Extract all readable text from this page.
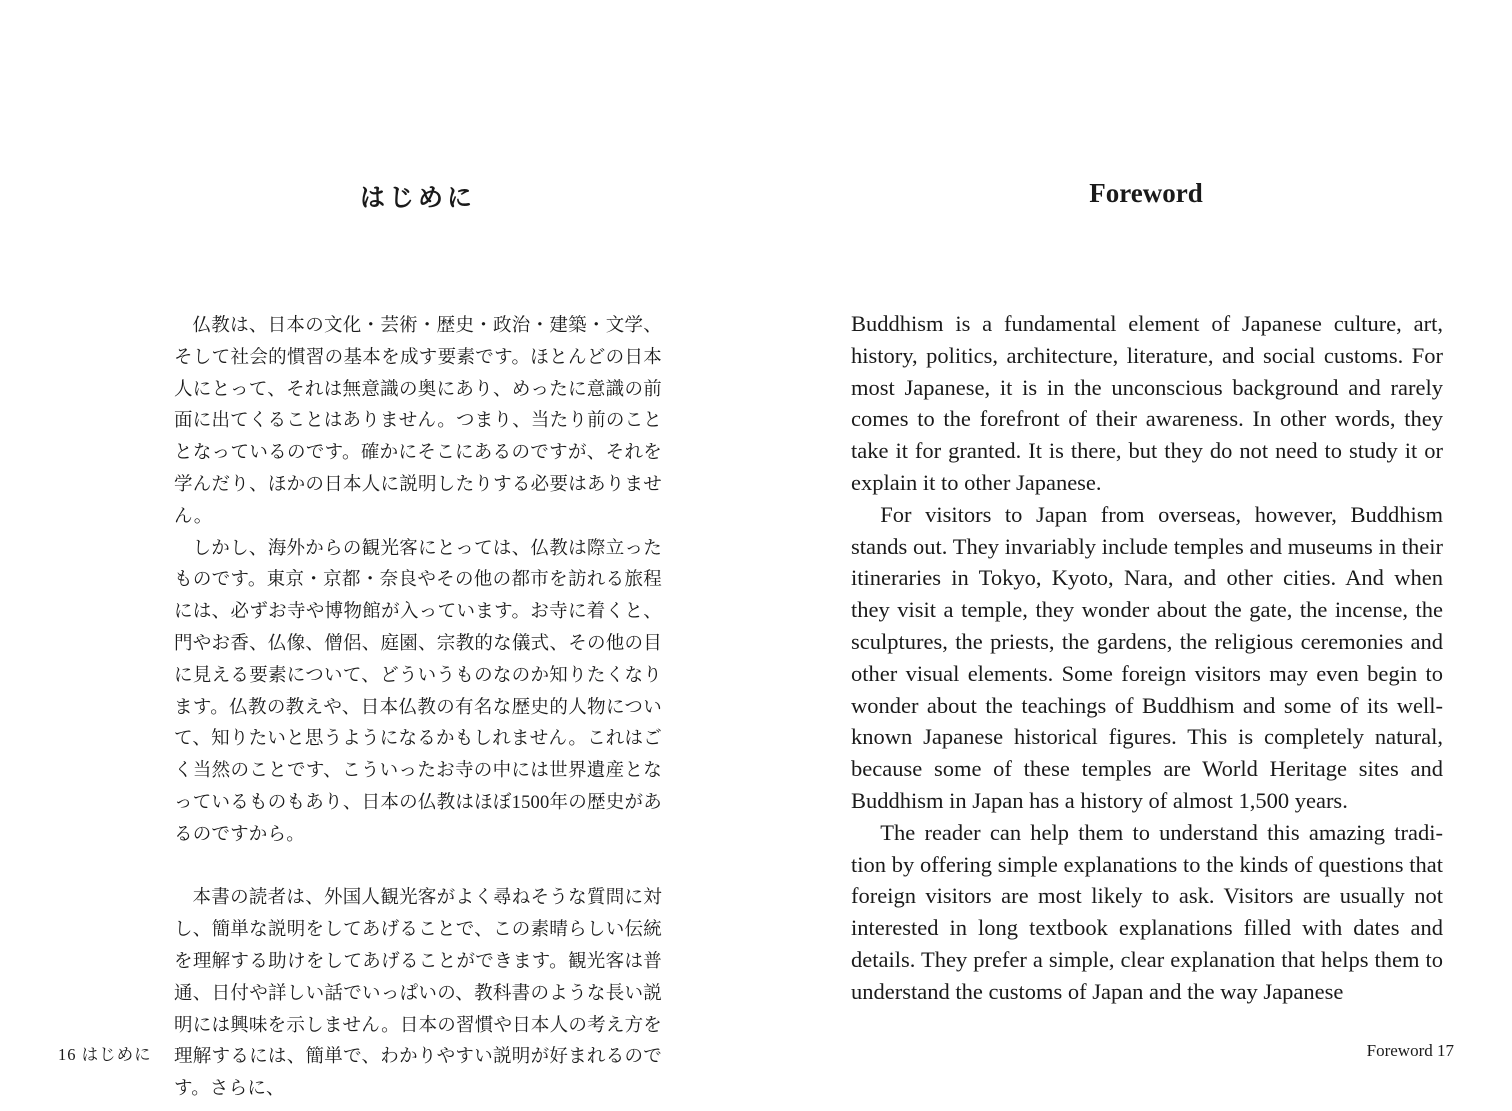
はじめに

仏教は、日本の文化・芸術・歴史・政治・建築・文学、そして社会的慣習の基本を成す要素です。ほとんどの日本人にとって、それは無意識の奥にあり、めったに意識の前面に出てくることはありません。つまり、当たり前のこととなっているのです。確かにそこにあるのですが、それを学んだり、ほかの日本人に説明したりする必要はありません。

しかし、海外からの観光客にとっては、仏教は際立ったものです。東京・京都・奈良やその他の都市を訪れる旅程には、必ずお寺や博物館が入っています。お寺に着くと、門やお香、仏像、僧侶、庭園、宗教的な儀式、その他の目に見える要素について、どういうものなのか知りたくなります。仏教の教えや、日本仏教の有名な歴史的人物について、知りたいと思うようになるかもしれません。これはごく当然のことです、こういったお寺の中には世界遺産となっているものもあり、日本の仏教はほぼ1500年の歴史があるのですから。

本書の読者は、外国人観光客がよく尋ねそうな質問に対し、簡単な説明をしてあげることで、この素晴らしい伝統を理解する助けをしてあげることができます。観光客は普通、日付や詳しい話でいっぱいの、教科書のような長い説明には興味を示しません。日本の習慣や日本人の考え方を理解するには、簡単で、わかりやすい説明が好まれるのです。さらに、

16 はじめに
Foreword

Buddhism is a fundamental element of Japanese culture, art, history, politics, architecture, literature, and social customs. For most Japanese, it is in the unconscious background and rarely comes to the forefront of their awareness. In other words, they take it for granted. It is there, but they do not need to study it or explain it to other Japanese.

For visitors to Japan from overseas, however, Buddhism stands out. They invariably include temples and museums in their itineraries in Tokyo, Kyoto, Nara, and other cities. And when they visit a temple, they wonder about the gate, the incense, the sculptures, the priests, the gardens, the religious ceremonies and other visual elements. Some foreign visitors may even begin to wonder about the teachings of Buddhism and some of its well-known Japanese historical figures. This is completely natural, because some of these temples are World Heritage sites and Buddhism in Japan has a history of almost 1,500 years.

The reader can help them to understand this amazing tradi-tion by offering simple explanations to the kinds of questions that foreign visitors are most likely to ask. Visitors are usually not interested in long textbook explanations filled with dates and details. They prefer a simple, clear explanation that helps them to understand the customs of Japan and the way Japanese

Foreword 17
